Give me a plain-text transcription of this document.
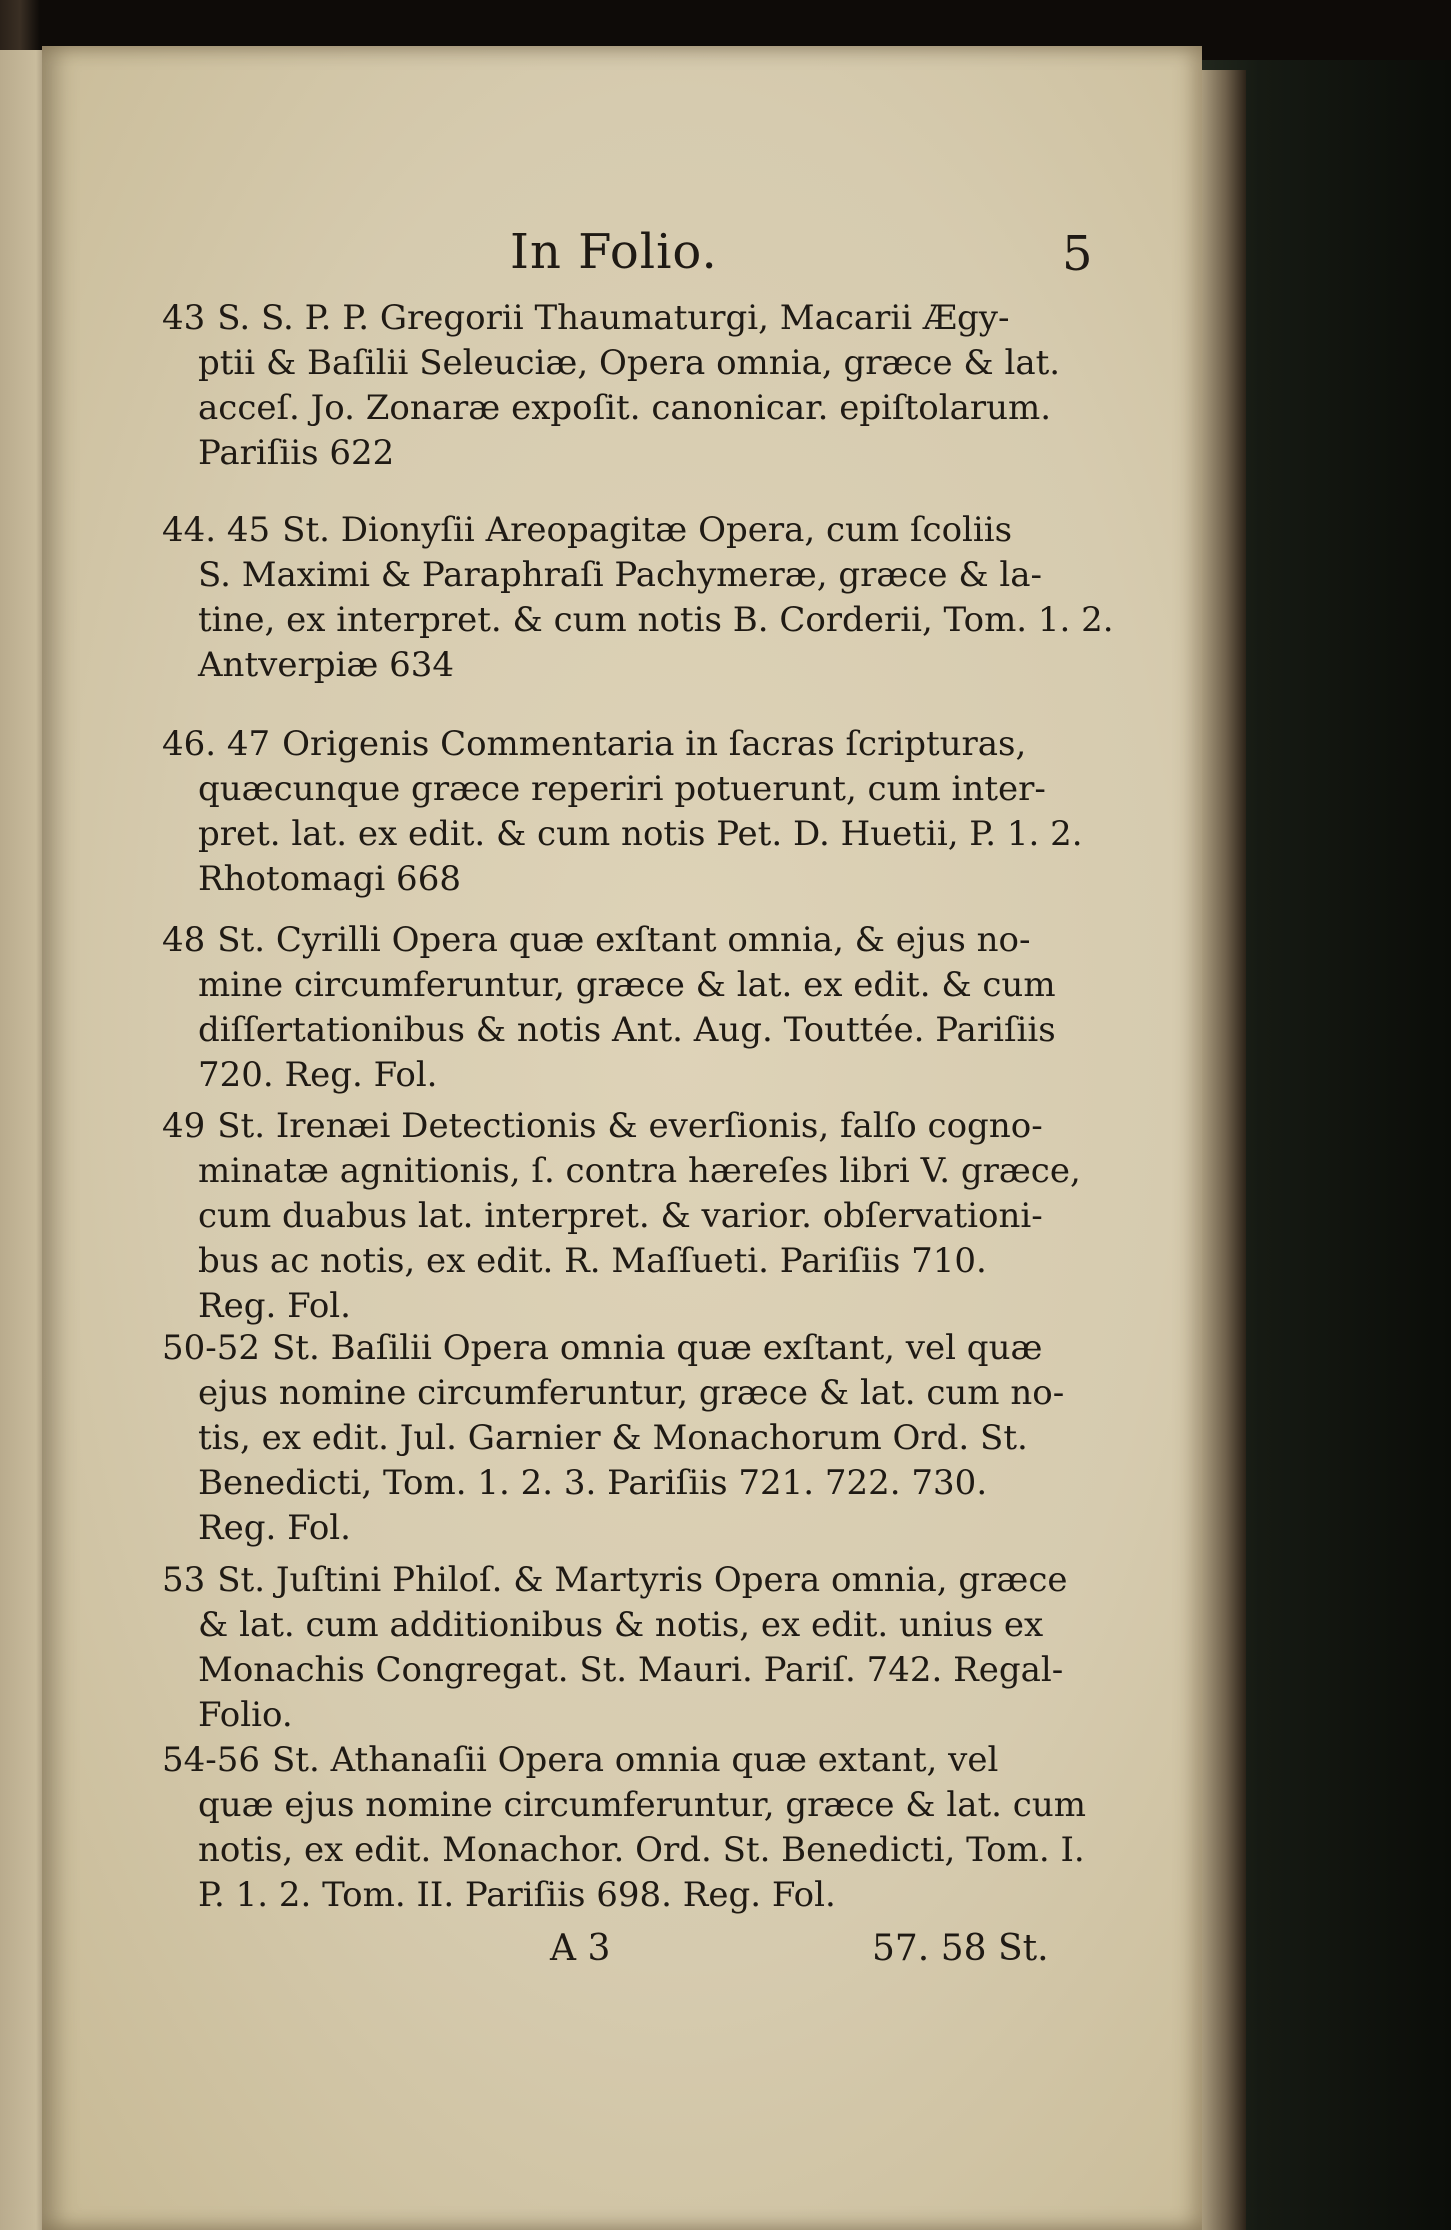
In Folio.	5
43 S. S. P. P. Gregorii Thaumaturgi, Macarii Ægy-
ptii & Baſilii Seleuciæ, Opera omnia, græce & lat.
acceſ. Jo. Zonaræ expoſit. canonicar. epiſtolarum.
Pariſiis 622
44. 45 St. Dionyſii Areopagitæ Opera, cum ſcoliis
S. Maximi & Paraphraſi Pachymeræ, græce & la-
tine, ex interpret. & cum notis B. Corderii, Tom. 1. 2.
Antverpiæ 634
46. 47 Origenis Commentaria in ſacras ſcripturas,
quæcunque græce reperiri potuerunt, cum inter-
pret. lat. ex edit. & cum notis Pet. D. Huetii, P. 1. 2.
Rhotomagi 668
48 St. Cyrilli Opera quæ exſtant omnia, & ejus no-
mine circumferuntur, græce & lat. ex edit. & cum
diſſertationibus & notis Ant. Aug. Touttée. Pariſiis
720. Reg. Fol.
49 St. Irenæi Detectionis & everſionis, falſo cogno-
minatæ agnitionis, ſ. contra hæreſes libri V. græce,
cum duabus lat. interpret. & varior. obſervationi-
bus ac notis, ex edit. R. Maſſueti. Pariſiis 710.
Reg. Fol.
50-52 St. Baſilii Opera omnia quæ exſtant, vel quæ
ejus nomine circumferuntur, græce & lat. cum no-
tis, ex edit. Jul. Garnier & Monachorum Ord. St.
Benedicti, Tom. 1. 2. 3. Pariſiis 721. 722. 730.
Reg. Fol.
53 St. Juſtini Philoſ. & Martyris Opera omnia, græce
& lat. cum additionibus & notis, ex edit. unius ex
Monachis Congregat. St. Mauri. Pariſ. 742. Regal-
Folio.
54-56 St. Athanaſii Opera omnia quæ extant, vel
quæ ejus nomine circumferuntur, græce & lat. cum
notis, ex edit. Monachor. Ord. St. Benedicti, Tom. I.
P. 1. 2. Tom. II. Pariſiis 698. Reg. Fol.
A 3	57. 58 St.
